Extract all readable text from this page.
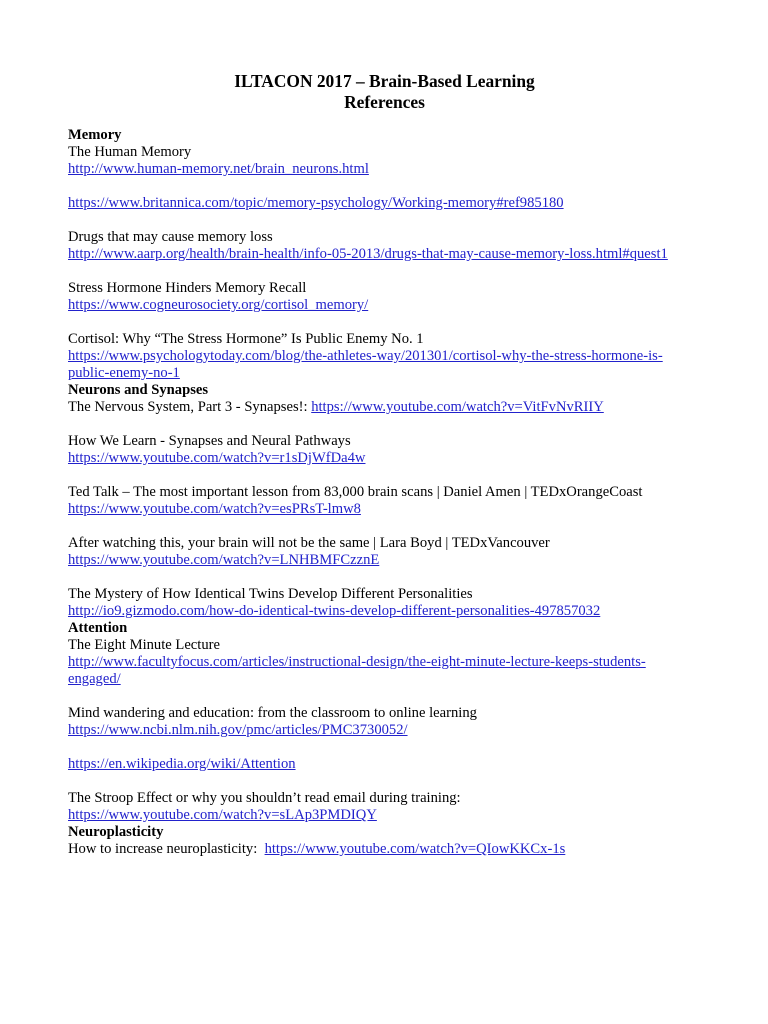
ILTACON 2017 – Brain-Based Learning
References
Memory
The Human Memory
http://www.human-memory.net/brain_neurons.html
https://www.britannica.com/topic/memory-psychology/Working-memory#ref985180
Drugs that may cause memory loss
http://www.aarp.org/health/brain-health/info-05-2013/drugs-that-may-cause-memory-loss.html#quest1
Stress Hormone Hinders Memory Recall
https://www.cogneurosociety.org/cortisol_memory/
Cortisol: Why “The Stress Hormone” Is Public Enemy No. 1
https://www.psychologytoday.com/blog/the-athletes-way/201301/cortisol-why-the-stress-hormone-is-
public-enemy-no-1
Neurons and Synapses
The Nervous System, Part 3 - Synapses!: https://www.youtube.com/watch?v=VitFvNvRIIY
How We Learn - Synapses and Neural Pathways
https://www.youtube.com/watch?v=r1sDjWfDa4w
Ted Talk – The most important lesson from 83,000 brain scans | Daniel Amen | TEDxOrangeCoast
https://www.youtube.com/watch?v=esPRsT-lmw8
After watching this, your brain will not be the same | Lara Boyd | TEDxVancouver
https://www.youtube.com/watch?v=LNHBMFCzznE
The Mystery of How Identical Twins Develop Different Personalities
http://io9.gizmodo.com/how-do-identical-twins-develop-different-personalities-497857032
Attention
The Eight Minute Lecture
http://www.facultyfocus.com/articles/instructional-design/the-eight-minute-lecture-keeps-students-
engaged/
Mind wandering and education: from the classroom to online learning
https://www.ncbi.nlm.nih.gov/pmc/articles/PMC3730052/
https://en.wikipedia.org/wiki/Attention
The Stroop Effect or why you shouldn’t read email during training:
https://www.youtube.com/watch?v=sLAp3PMDIQY
Neuroplasticity
How to increase neuroplasticity:  https://www.youtube.com/watch?v=QIowKKCx-1s
